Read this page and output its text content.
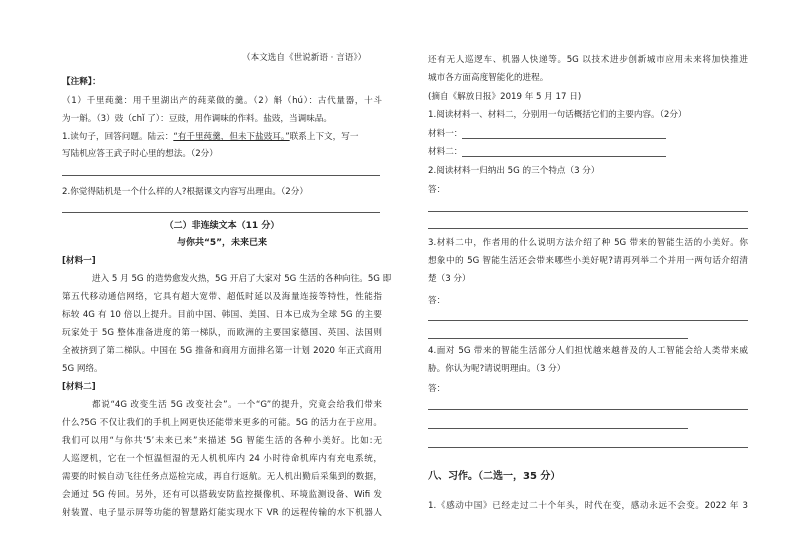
（本文选自《世说新语 · 言语》）
【注释】：
（1）千里莼羹：用千里湖出产的莼菜做的羹。（2）斛（hú）：古代量器，十斗
为一斛。（3）豉（chǐ 了）：豆豉，用作调味的作料。盐豉，当调味品。
1.读句子，回答问题。陆云：“有千里莼羹，但未下盐豉耳。”联系上下文，写一
写陆机应答王武子时心里的想法。（2分）
2.你觉得陆机是一个什么样的人?根据课文内容写出理由。（2分）
（二）非连续文本（11 分）
与你共“5”，未来已来
[材料一]
进入 5 月 5G 的造势愈发火热，5G 开启了大家对 5G 生活的各种向往。5G 即
第五代移动通信网络，它具有超大宽带、超低时延以及海量连接等特性，性能指
标较 4G 有 10 倍以上提升。目前中国、韩国、美国、日本已成为全球 5G 的主要
玩家处于 5G 整体准备进度的第一梯队，而欧洲的主要国家德国、英国、法国则
全被挤到了第二梯队。中国在 5G 推备和商用方面排名第一计划 2020 年正式商用
5G 网络。
[材料二]
都说“4G 改变生活 5G 改变社会”。一个“G”的提升，究竟会给我们带来
什么?5G 不仅让我们的手机上网更快还能带来更多的可能。5G 的活力在于应用。
我们可以用“与你共‘5’未来已来”来描述 5G 智能生活的各种小美好。比如:无
人巡逻机，它在一个恒温恒湿的无人机机库内 24 小时待命机库内有充电系统，
需要的时候自动飞往任务点巡检完成，再自行返航。无人机出勤后采集到的数据，
会通过 5G 传回。另外，还有可以搭载安防监控摄像机、环境监测设备、Wifi 发
射装置、电子显示屏等功能的智慧路灯能实现水下 VR 的远程传输的水下机器人
还有无人巡逻车、机器人快递等。5G 以技术进步创新城市应用未来将加快推进
城市各方面高度智能化的进程。
(摘自《解放日报》2019 年 5 月 17 日)
1.阅读材料一、材料二，分别用一句话概括它们的主要内容。（2分）
材料一：
材料二：
2.阅读材料一归纳出 5G 的三个特点（3 分）
答：
3.材料二中，作者用的什么说明方法介绍了种 5G 带来的智能生活的小美好。你
想象中的 5G 智能生活还会带来哪些小美好呢?请再列举二个并用一两句话介绍清
楚（3 分）
答：
4.面对 5G 带来的智能生活部分人们担忧越来越普及的人工智能会给人类带来威
胁。你认为呢?请说明理由。（3 分）
答：
八、习作。（二选一，35 分）
1.《感动中国》已经走过二十个年头，时代在变，感动永远不会变。2022 年 3
